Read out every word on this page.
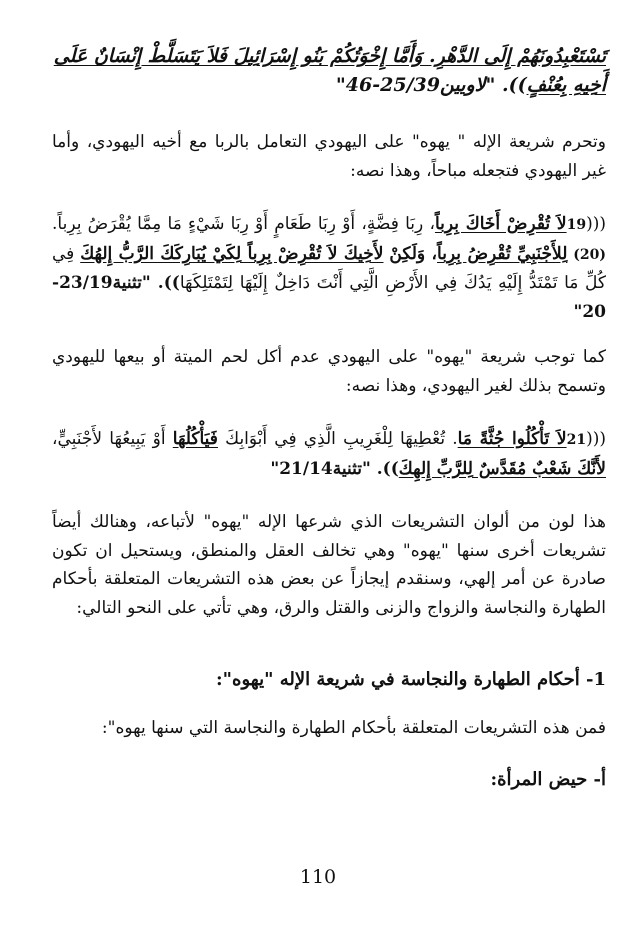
تَسْتَعْبِدُونَهُمْ إِلَى الدَّهْرِ. وَأَمَّا إِخْوَتُكُمْ بَنُو إِسْرَائِيلَ فَلاَ يَتَسَلَّطْ إِنْسَانٌ عَلَى
أَخِيهِ بِعُنْفٍ)). "لاويين25/39-46"
وتحرم شريعة الإله " يهوه" على اليهودي التعامل بالربا مع أخيه اليهودي، وأما غير اليهودي فتجعله مباحاً، وهذا نصه:
(((19لاَ تُقْرِضْ أَخَاكَ بِرِباً، رِبَا فِضَّةٍ، أَوْ رِبَا طَعَامٍ أَوْ رِبَا شَيْءٍ مَا مِمَّا يُقْرَضُ بِرِباً. (20) لِلأَجْنَبِيِّ تُقْرِضُ بِرِباً، وَلَكِنْ لأَخِيكَ لاَ تُقْرِضْ بِرِباً لِكَيْ يُبَارِكَكَ الرَّبُّ إِلهُكَ فِي كُلِّ مَا تَمْتَدُّ إِلَيْهِ يَدُكَ فِي الأَرْضِ الَّتِي أَنْتَ دَاخِلٌ إِلَيْهَا لِتَمْتَلِكَهَا)). "تثنية23/19-20"
كما توجب شريعة "يهوه" على اليهودي عدم أكل لحم الميتة أو بيعها لليهودي وتسمح بذلك لغير اليهودي، وهذا نصه:
(((21لاَ تَأْكُلُوا جُثَّةً مَا. تُعْطِيهَا لِلْغَرِيبِ الَّذِي فِي أَبْوَابِكَ فَيَأْكُلُهَا أَوْ يَبِيعُهَا لأَجْنَبِيٍّ، لأَنَّكَ شَعْبٌ مُقَدَّسٌ لِلرَّبِّ إِلهِكَ)). "تثنية21/14"
هذا لون من ألوان التشريعات الذي شرعها الإله "يهوه" لأتباعه، وهنالك أيضاً تشريعات أخرى سنها "يهوه" وهي تخالف العقل والمنطق، ويستحيل ان تكون صادرة عن أمر إلهي، وسنقدم إيجازاً عن بعض هذه التشريعات المتعلقة بأحكام الطهارة والنجاسة والزواج والزنى والقتل والرق، وهي تأتي على النحو التالي:
1- أحكام الطهارة والنجاسة في شريعة الإله "يهوه":
فمن هذه التشريعات المتعلقة بأحكام الطهارة والنجاسة التي سنها يهوه":
أ- حيض المرأة:
110
